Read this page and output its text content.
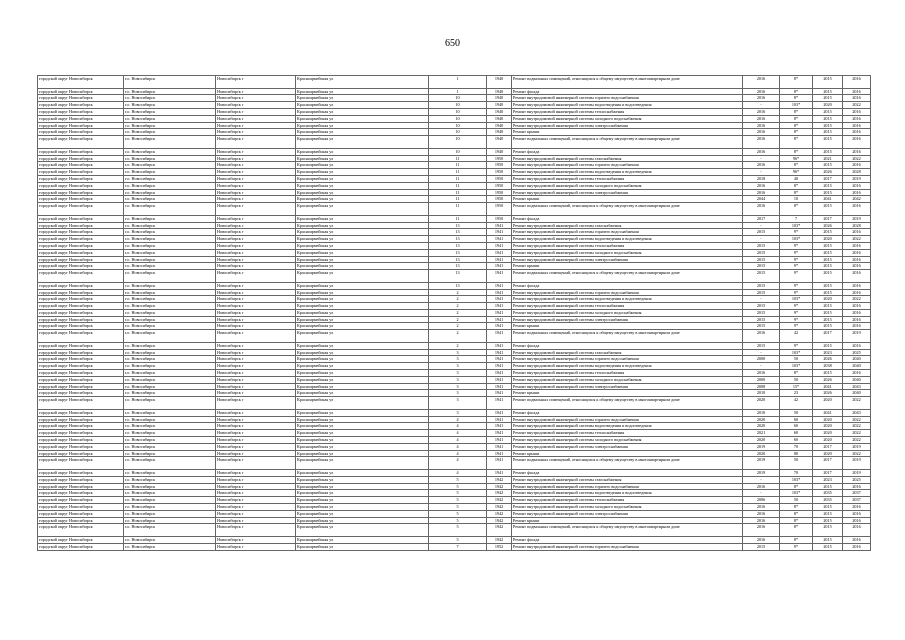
650
городской округ Новосибирск	г.о. Новосибирск	Новосибирск г	Красноармейская ул	1	1940	Ремонт подвальных помещений, относящихся к общему имуществу в многоквартирном доме	2016	8*	2015	2016
городской округ Новосибирск	г.о. Новосибирск	Новосибирск г	Красноармейская ул	1	1940	Ремонт фасада	2016	8*	2015	2016
городской округ Новосибирск	г.о. Новосибирск	Новосибирск г	Красноармейская ул	10	1940	Ремонт внутридомовой инженерной системы горячего водоснабжения	2016	8*	2015	2016
городской округ Новосибирск	г.о. Новосибирск	Новосибирск г	Красноармейская ул	10	1940	Ремонт внутридомовой инженерной системы водоотведения и водоотведения	-	103*	2020	2022
городской округ Новосибирск	г.о. Новосибирск	Новосибирск г	Красноармейская ул	10	1940	Ремонт внутридомовой инженерной системы теплоснабжения	2016	8*	2015	2016
городской округ Новосибирск	г.о. Новосибирск	Новосибирск г	Красноармейская ул	10	1940	Ремонт внутридомовой инженерной системы холодного водоснабжения	2016	8*	2015	2016
городской округ Новосибирск	г.о. Новосибирск	Новосибирск г	Красноармейская ул	10	1940	Ремонт внутридомовой инженерной системы электроснабжения	2016	8*	2015	2016
городской округ Новосибирск	г.о. Новосибирск	Новосибирск г	Красноармейская ул	10	1940	Ремонт крыши	2016	8*	2015	2016
городской округ Новосибирск	г.о. Новосибирск	Новосибирск г	Красноармейская ул	10	1940	Ремонт подвальных помещений, относящихся к общему имуществу в многоквартирном доме	2016	8*	2015	2016
городской округ Новосибирск	г.о. Новосибирск	Новосибирск г	Красноармейская ул	10	1940	Ремонт фасада	2016	8*	2015	2016
городской округ Новосибирск	г.о. Новосибирск	Новосибирск г	Красноармейская ул	11	1950	Ремонт внутридомовой инженерной системы газоснабжения	-	96*	2021	2022
городской округ Новосибирск	г.о. Новосибирск	Новосибирск г	Красноармейская ул	11	1950	Ремонт внутридомовой инженерной системы горячего водоснабжения	2016	8*	2015	2016
городской округ Новосибирск	г.о. Новосибирск	Новосибирск г	Красноармейская ул	11	1950	Ремонт внутридомовой инженерной системы водоотведения и водоотведения	-	96*	2026	2028
городской округ Новосибирск	г.о. Новосибирск	Новосибирск г	Красноармейская ул	11	1950	Ремонт внутридомовой инженерной системы теплоснабжения	2018	40	2017	2019
городской округ Новосибирск	г.о. Новосибирск	Новосибирск г	Красноармейская ул	11	1950	Ремонт внутридомовой инженерной системы холодного водоснабжения	2016	8*	2015	2016
городской округ Новосибирск	г.о. Новосибирск	Новосибирск г	Красноармейская ул	11	1950	Ремонт внутридомовой инженерной системы электроснабжения	2016	8*	2015	2016
городской округ Новосибирск	г.о. Новосибирск	Новосибирск г	Красноармейская ул	11	1950	Ремонт крыши	2044	10	2041	2042
городской округ Новосибирск	г.о. Новосибирск	Новосибирск г	Красноармейская ул	11	1950	Ремонт подвальных помещений, относящихся к общему имуществу в многоквартирном доме	2016	8*	2015	2016
городской округ Новосибирск	г.о. Новосибирск	Новосибирск г	Красноармейская ул	11	1950	Ремонт фасада	2017	7	2017	2019
городской округ Новосибирск	г.о. Новосибирск	Новосибирск г	Красноармейская ул	13	1941	Ремонт внутридомовой инженерной системы газоснабжения	-	103*	2026	2028
городской округ Новосибирск	г.о. Новосибирск	Новосибирск г	Красноармейская ул	13	1941	Ремонт внутридомовой инженерной системы горячего водоснабжения	2015	9*	2015	2016
городской округ Новосибирск	г.о. Новосибирск	Новосибирск г	Красноармейская ул	13	1941	Ремонт внутридомовой инженерной системы водоотведения и водоотведения	-	103*	2020	2022
городской округ Новосибирск	г.о. Новосибирск	Новосибирск г	Красноармейская ул	13	1941	Ремонт внутридомовой инженерной системы теплоснабжения	2015	9*	2015	2016
городской округ Новосибирск	г.о. Новосибирск	Новосибирск г	Красноармейская ул	13	1941	Ремонт внутридомовой инженерной системы холодного водоснабжения	2015	9*	2015	2016
городской округ Новосибирск	г.о. Новосибирск	Новосибирск г	Красноармейская ул	13	1941	Ремонт внутридомовой инженерной системы электроснабжения	2015	9*	2015	2016
городской округ Новосибирск	г.о. Новосибирск	Новосибирск г	Красноармейская ул	13	1941	Ремонт крыши	2015	9*	2015	2016
городской округ Новосибирск	г.о. Новосибирск	Новосибирск г	Красноармейская ул	13	1941	Ремонт подвальных помещений, относящихся к общему имуществу в многоквартирном доме	2015	9*	2015	2016
городской округ Новосибирск	г.о. Новосибирск	Новосибирск г	Красноармейская ул	13	1941	Ремонт фасада	2015	9*	2015	2016
городской округ Новосибирск	г.о. Новосибирск	Новосибирск г	Красноармейская ул	2	1941	Ремонт внутридомовой инженерной системы горячего водоснабжения	2015	9*	2015	2016
городской округ Новосибирск	г.о. Новосибирск	Новосибирск г	Красноармейская ул	2	1941	Ремонт внутридомовой инженерной системы водоотведения и водоотведения	-	103*	2020	2022
городской округ Новосибирск	г.о. Новосибирск	Новосибирск г	Красноармейская ул	2	1941	Ремонт внутридомовой инженерной системы теплоснабжения	2015	9*	2015	2016
городской округ Новосибирск	г.о. Новосибирск	Новосибирск г	Красноармейская ул	2	1941	Ремонт внутридомовой инженерной системы холодного водоснабжения	2015	9*	2015	2016
городской округ Новосибирск	г.о. Новосибирск	Новосибирск г	Красноармейская ул	2	1941	Ремонт внутридомовой инженерной системы электроснабжения	2015	9*	2015	2016
городской округ Новосибирск	г.о. Новосибирск	Новосибирск г	Красноармейская ул	2	1941	Ремонт крыши	2015	9*	2015	2016
городской округ Новосибирск	г.о. Новосибирск	Новосибирск г	Красноармейская ул	2	1941	Ремонт подвальных помещений, относящихся к общему имуществу в многоквартирном доме	2016	42	2017	2019
городской округ Новосибирск	г.о. Новосибирск	Новосибирск г	Красноармейская ул	2	1941	Ремонт фасада	2015	9*	2015	2016
городской округ Новосибирск	г.о. Новосибирск	Новосибирск г	Красноармейская ул	3	1941	Ремонт внутридомовой инженерной системы газоснабжения	-	103*	2023	2025
городской округ Новосибирск	г.о. Новосибирск	Новосибирск г	Красноармейская ул	3	1941	Ремонт внутридомовой инженерной системы горячего водоснабжения	2000	50	2026	2040
городской округ Новосибирск	г.о. Новосибирск	Новосибирск г	Красноармейская ул	3	1941	Ремонт внутридомовой инженерной системы водоотведения и водоотведения	-	103*	2038	2040
городской округ Новосибирск	г.о. Новосибирск	Новосибирск г	Красноармейская ул	3	1941	Ремонт внутридомовой инженерной системы теплоснабжения	2016	8*	2015	2016
городской округ Новосибирск	г.о. Новосибирск	Новосибирск г	Красноармейская ул	3	1941	Ремонт внутридомовой инженерной системы холодного водоснабжения	2000	50	2026	2040
городской округ Новосибирск	г.о. Новосибирск	Новосибирск г	Красноармейская ул	3	1941	Ремонт внутридомовой инженерной системы электроснабжения	2008	15*	2041	2043
городской округ Новосибирск	г.о. Новосибирск	Новосибирск г	Красноармейская ул	3	1941	Ремонт крыши	2010	23	2026	2040
городской округ Новосибирск	г.о. Новосибирск	Новосибирск г	Красноармейская ул	3	1941	Ремонт подвальных помещений, относящихся к общему имуществу в многоквартирном доме	2020	42	2020	2022
городской округ Новосибирск	г.о. Новосибирск	Новосибирск г	Красноармейская ул	3	1941	Ремонт фасада	2010	50	2041	2043
городской округ Новосибирск	г.о. Новосибирск	Новосибирск г	Красноармейская ул	4	1941	Ремонт внутридомовой инженерной системы горячего водоснабжения	2020	60	2020	2022
городской округ Новосибирск	г.о. Новосибирск	Новосибирск г	Красноармейская ул	4	1941	Ремонт внутридомовой инженерной системы водоотведения и водоотведения	2020	60	2020	2022
городской округ Новосибирск	г.о. Новосибирск	Новосибирск г	Красноармейская ул	4	1941	Ремонт внутридомовой инженерной системы теплоснабжения	2021	60	2020	2022
городской округ Новосибирск	г.о. Новосибирск	Новосибирск г	Красноармейская ул	4	1941	Ремонт внутридомовой инженерной системы холодного водоснабжения	2020	60	2020	2022
городской округ Новосибирск	г.о. Новосибирск	Новосибирск г	Красноармейская ул	4	1941	Ремонт внутридомовой инженерной системы электроснабжения	2019	70	2017	2019
городской округ Новосибирск	г.о. Новосибирск	Новосибирск г	Красноармейская ул	4	1941	Ремонт крыши	2020	80	2020	2022
городской округ Новосибирск	г.о. Новосибирск	Новосибирск г	Красноармейская ул	4	1941	Ремонт подвальных помещений, относящихся к общему имуществу в многоквартирном доме	2019	50	2017	2019
городской округ Новосибирск	г.о. Новосибирск	Новосибирск г	Красноармейская ул	4	1941	Ремонт фасада	2019	70	2017	2019
городской округ Новосибирск	г.о. Новосибирск	Новосибирск г	Красноармейская ул	5	1942	Ремонт внутридомовой инженерной системы газоснабжения	-	103*	2023	2025
городской округ Новосибирск	г.о. Новосибирск	Новосибирск г	Красноармейская ул	5	1942	Ремонт внутридомовой инженерной системы горячего водоснабжения	2016	8*	2015	2016
городской округ Новосибирск	г.о. Новосибирск	Новосибирск г	Красноармейская ул	5	1942	Ремонт внутридомовой инженерной системы водоотведения и водоотведения	-	103*	2035	2037
городской округ Новосибирск	г.о. Новосибирск	Новосибирск г	Красноармейская ул	5	1942	Ремонт внутридомовой инженерной системы теплоснабжения	2006	50	2035	2037
городской округ Новосибирск	г.о. Новосибирск	Новосибирск г	Красноармейская ул	5	1942	Ремонт внутридомовой инженерной системы холодного водоснабжения	2016	8*	2015	2016
городской округ Новосибирск	г.о. Новосибирск	Новосибирск г	Красноармейская ул	5	1942	Ремонт внутридомовой инженерной системы электроснабжения	2016	8*	2015	2016
городской округ Новосибирск	г.о. Новосибирск	Новосибирск г	Красноармейская ул	5	1942	Ремонт крыши	2016	8*	2015	2016
городской округ Новосибирск	г.о. Новосибирск	Новосибирск г	Красноармейская ул	5	1942	Ремонт подвальных помещений, относящихся к общему имуществу в многоквартирном доме	2016	8*	2015	2016
городской округ Новосибирск	г.о. Новосибирск	Новосибирск г	Красноармейская ул	5	1942	Ремонт фасада	2016	8*	2015	2016
городской округ Новосибирск	г.о. Новосибирск	Новосибирск г	Красноармейская ул	7	1952	Ремонт внутридомовой инженерной системы горячего водоснабжения	2015	9*	2015	2016
